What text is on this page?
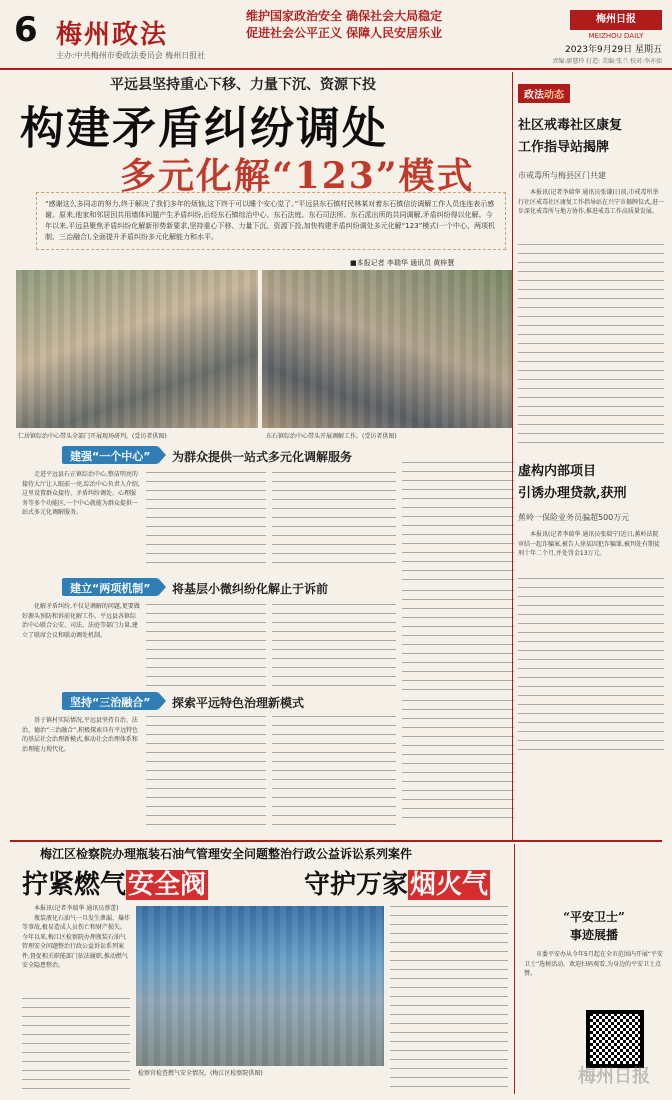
6 梅州政法
主办:中共梅州市委政法委员会 梅州日报社
维护国家政治安全 确保社会大局稳定
促进社会公平正义 保障人民安居乐业
梅州日报
MEIZHOU DAILY
2023年9月29日 星期五
责编:廖慧玲 打造: 美编:张兰 校对:李亦如
平远县坚持重心下移、力量下沉、资源下投
构建矛盾纠纷调处
多元化解“123”模式
“感谢这么多同志的努力,终于解决了我们多年的烦恼,这下终于可以睡个安心觉了。”平远县东石镇村民林某对着东石镇信访调解工作人员连连表示感谢。原来,他家和邻居因共用墙体问题产生矛盾纠纷,后经东石镇综治中心、东石法庭、东石司法所、东石派出所的共同调解,矛盾纠纷得以化解。今年以来,平远县聚焦矛盾纠纷化解新形势新要求,坚持重心下移、力量下沉、资源下投,加快构建矛盾纠纷调处多元化解“123”模式(一个中心、两项机制、三治融合),全面提升矛盾纠纷多元化解能力和水平。
■本报记者 李瑞华 通讯员 黄梓慧
仁居镇综治中心带头全部门开展现场研判。(受访者供图)	东石镇综治中心带头开展调解工作。(受访者供图)
建强“一个中心”	为群众提供一站式多元化调解服务

走进平远县石正镇综治中心,整洁明亮的接待大厅让人眼前一亮,综治中心负责人介绍,这里设置群众接待、矛盾纠纷调处、心理服务等多个功能区,一个中心就能为群众提供一站式多元化调解服务。

建立“两项机制”	将基层小微纠纷化解止于诉前

化解矛盾纠纷,不仅是调解的问题,更要做好源头预防和诉前化解工作。平远县各镇综治中心联合公安、司法、法庭等部门力量,建立了联席会议和联动调处机制。

坚持“三治融合”	探索平远特色治理新模式

基于镇村实际情况,平远县坚持自治、法治、德治“三治融合”,积极探索具有平远特色的基层社会治理新模式,推动社会治理体系和治理能力现代化。

政法动态
社区戒毒社区康复
工作指导站揭牌
市戒毒所与梅县区门共建

本报讯(记者李瑞华 通讯员张谦)日前,市戒毒所举行社区戒毒社区康复工作指导站在兴宁市揭牌仪式,进一步深化戒毒所与地方协作,推进戒毒工作高质量发展。

虚构内部项目
引诱办理贷款,获刑
蕉岭一保险业务员骗超500万元

本报讯(记者李瑞华 通讯员张瑞宁)近日,蕉岭法院审结一起诈骗案,被告人徐某因犯诈骗罪,被判处有期徒刑十年二个月,并处罚金13万元。

梅江区检察院办理瓶装石油气管理安全问题整治行政公益诉讼系列案件
拧紧燃气安全阀	守护万家烟火气

本报讯(记者李瑞华 通讯员蔡蕾)

瓶装液化石油气一旦发生泄漏、爆炸等事故,极易造成人员伤亡和财产损失。今年以来,梅江区检察院办理瓶装石油气管理安全问题整治行政公益诉讼系列案件,督促相关职能部门依法履职,推动燃气安全隐患整治。

检察官检查燃气安全情况。(梅江区检察院供图)
“平安卫士”
事迹展播

市委平安办从今年5月起在全市范围内开展“平安卫士”选树活动。欢迎扫码观看,为身边的平安卫士点赞。

梅州日报
